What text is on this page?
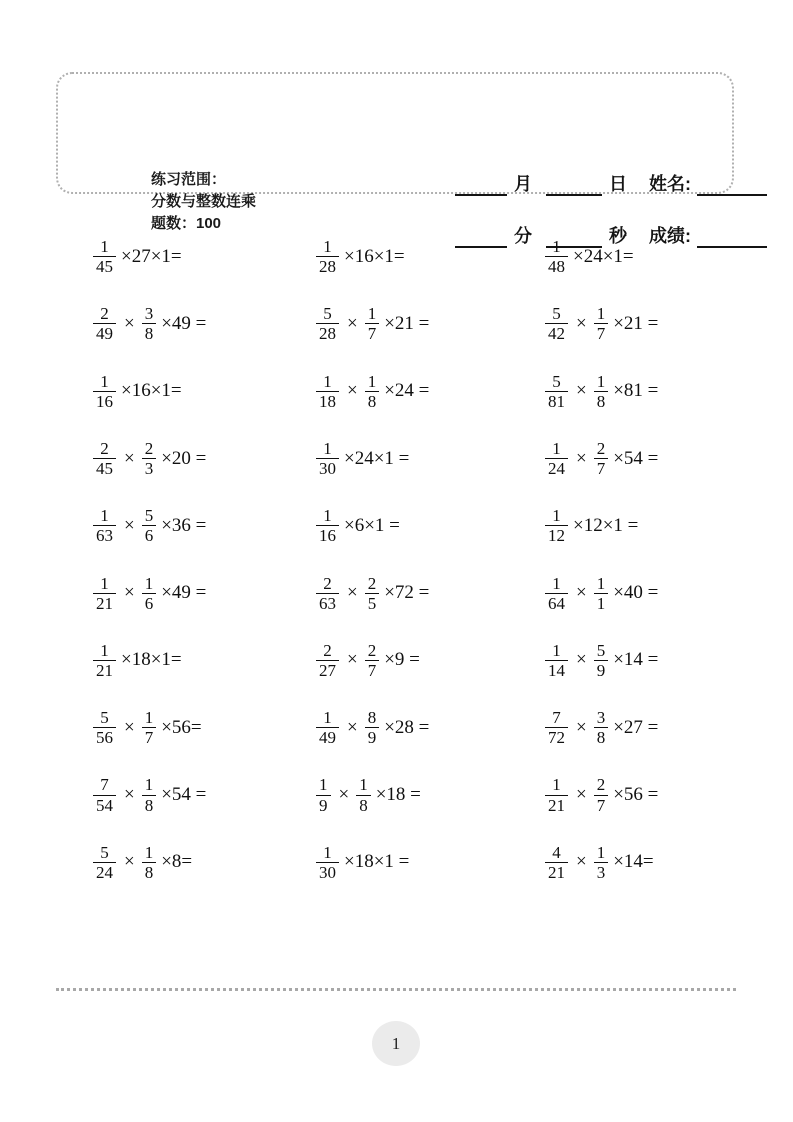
练习范围：
分数与整数连乘
题数：100
月	日 姓名:
分	秒 成绩:
$\frac{1}{45} \times 27\times 1=$	$\frac{1}{28} \times 16\times 1=$	$\frac{1}{48} \times 24\times 1=$
$\frac{2}{49} \times \frac{3}{8} \times 49$ =	$\frac{5}{28} \times \frac{1}{7} \times 21$ =	$\frac{5}{42} \times \frac{1}{7} \times 21$ =
$\frac{1}{16} \times 16\times 1=$	$\frac{1}{18} \times \frac{1}{8} \times 24$ =	$\frac{5}{81} \times \frac{1}{8} \times 81$ =
$\frac{2}{45} \times \frac{2}{3} \times 20$ =	$\frac{1}{30} \times 24\times 1$ =	$\frac{1}{24} \times \frac{2}{7} \times 54$ =
$\frac{1}{63} \times \frac{5}{6} \times 36$ =	$\frac{1}{16} \times 6\times 1$ =	$\frac{1}{12} \times 12\times 1$ =
$\frac{1}{21} \times \frac{1}{6} \times 49$ =	$\frac{2}{63} \times \frac{2}{5} \times 72$ =	$\frac{1}{64} \times \frac{1}{1} \times 40$ =
$\frac{1}{21} \times 18\times 1=$	$\frac{2}{27} \times \frac{2}{7} \times 9$ =	$\frac{1}{14} \times \frac{5}{9} \times 14$ =
$\frac{5}{56} \times \frac{1}{7} \times 56=$	$\frac{1}{49} \times \frac{8}{9} \times 28$ =	$\frac{7}{72} \times \frac{3}{8} \times 27$ =
$\frac{7}{54} \times \frac{1}{8} \times 54$ =	$\frac{1}{9} \times \frac{1}{8} \times 18$ =	$\frac{1}{21} \times \frac{2}{7} \times 56$ =
$\frac{5}{24} \times \frac{1}{8} \times 8=$	$\frac{1}{30} \times 18\times 1$ =	$\frac{4}{21} \times \frac{1}{3} \times 14=$
1
